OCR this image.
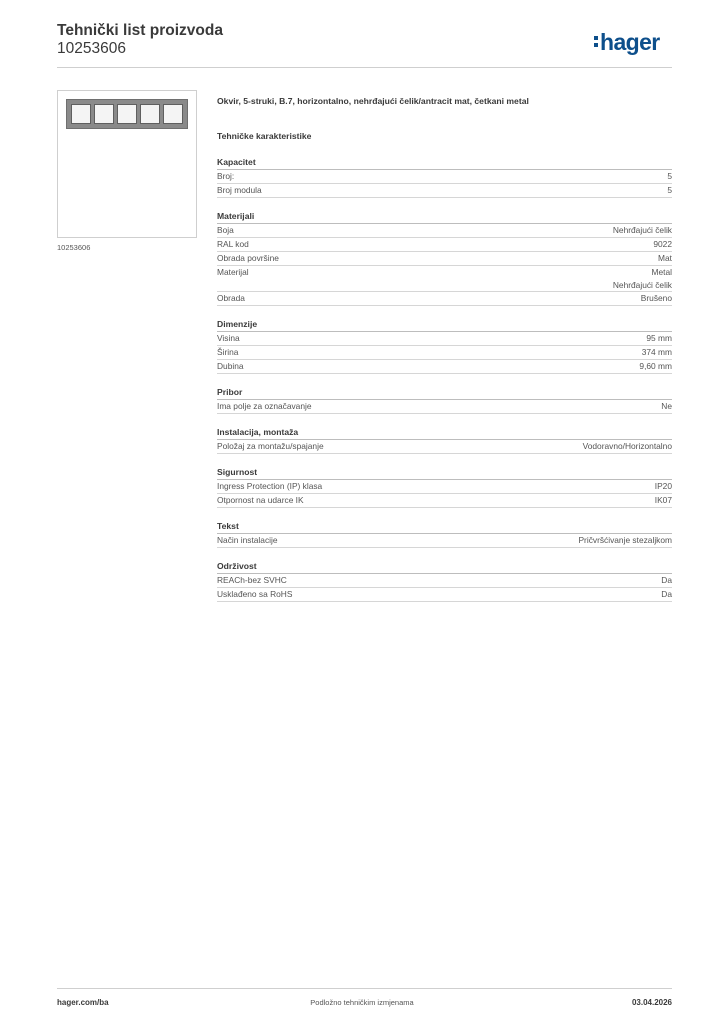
Tehnički list proizvoda
10253606	hager
10253606
Okvir, 5-struki, B.7, horizontalno, nehrđajući čelik/antracit mat, četkani metal
Tehničke karakteristike
Kapacitet
Broj:	5
Broj modula	5
Materijali
Boja	Nehrđajući čelik
RAL kod	9022
Obrada površine	Mat
Materijal	Metal
Nehrđajući čelik
Obrada	Brušeno
Dimenzije
Visina	95 mm
Širina	374 mm
Dubina	9,60 mm
Pribor
Ima polje za označavanje	Ne
Instalacija, montaža
Položaj za montažu/spajanje	Vodoravno/Horizontalno
Sigurnost
Ingress Protection (IP) klasa	IP20
Otpornost na udarce IK	IK07
Tekst
Način instalacije	Pričvršćivanje stezaljkom
Održivost
REACh-bez SVHC	Da
Usklađeno sa RoHS	Da
hager.com/ba	Podložno tehničkim izmjenama	03.04.2026
